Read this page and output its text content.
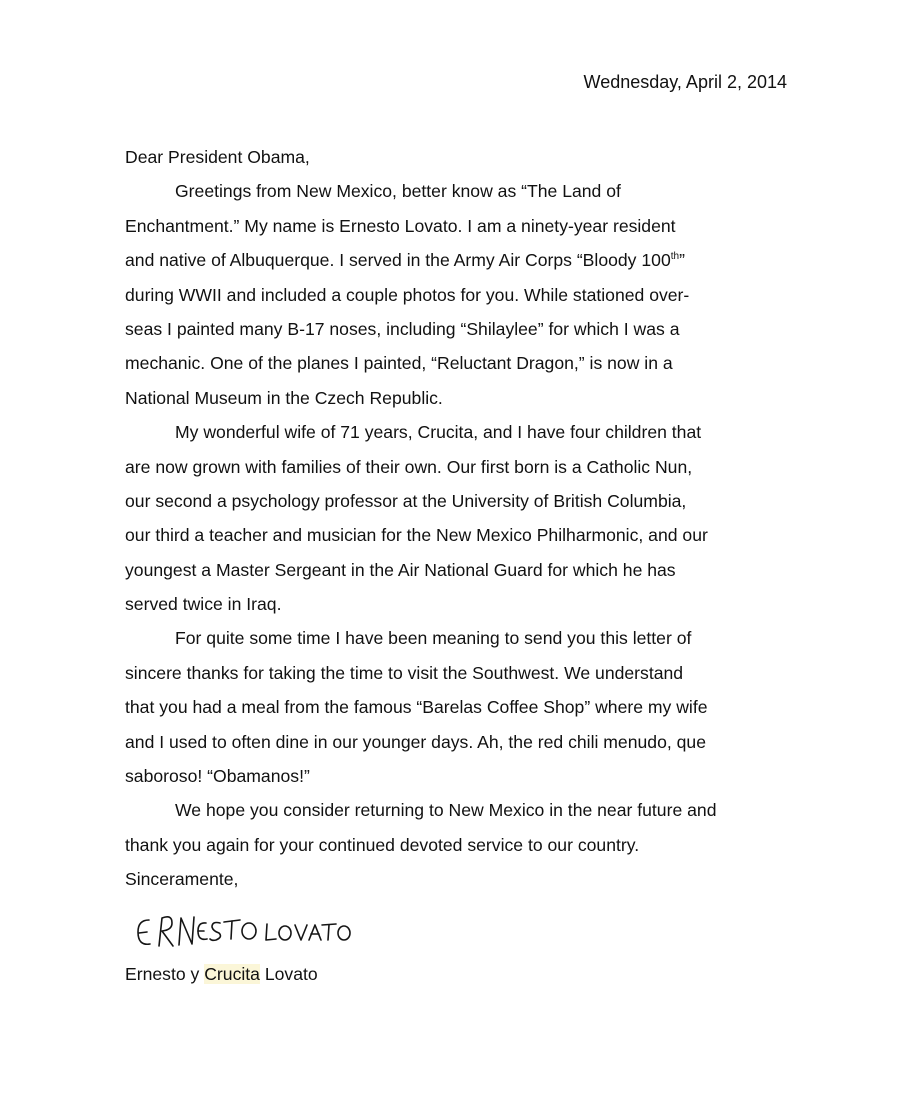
Wednesday, April 2, 2014
Dear President Obama,
Greetings from New Mexico, better know as “The Land of
Enchantment.” My name is Ernesto Lovato. I am a ninety-year resident
and native of Albuquerque. I served in the Army Air Corps “Bloody 100th”
during WWII and included a couple photos for you. While stationed over-
seas I painted many B-17 noses, including “Shilaylee” for which I was a
mechanic. One of the planes I painted, “Reluctant Dragon,” is now in a
National Museum in the Czech Republic.
My wonderful wife of 71 years, Crucita, and I have four children that
are now grown with families of their own. Our first born is a Catholic Nun,
our second a psychology professor at the University of British Columbia,
our third a teacher and musician for the New Mexico Philharmonic, and our
youngest a Master Sergeant in the Air National Guard for which he has
served twice in Iraq.
For quite some time I have been meaning to send you this letter of
sincere thanks for taking the time to visit the Southwest. We understand
that you had a meal from the famous “Barelas Coffee Shop” where my wife
and I used to often dine in our younger days. Ah, the red chili menudo, que
saboroso! “Obamanos!”
We hope you consider returning to New Mexico in the near future and
thank you again for your continued devoted service to our country.
Sinceramente,
Ernesto y Crucita Lovato
